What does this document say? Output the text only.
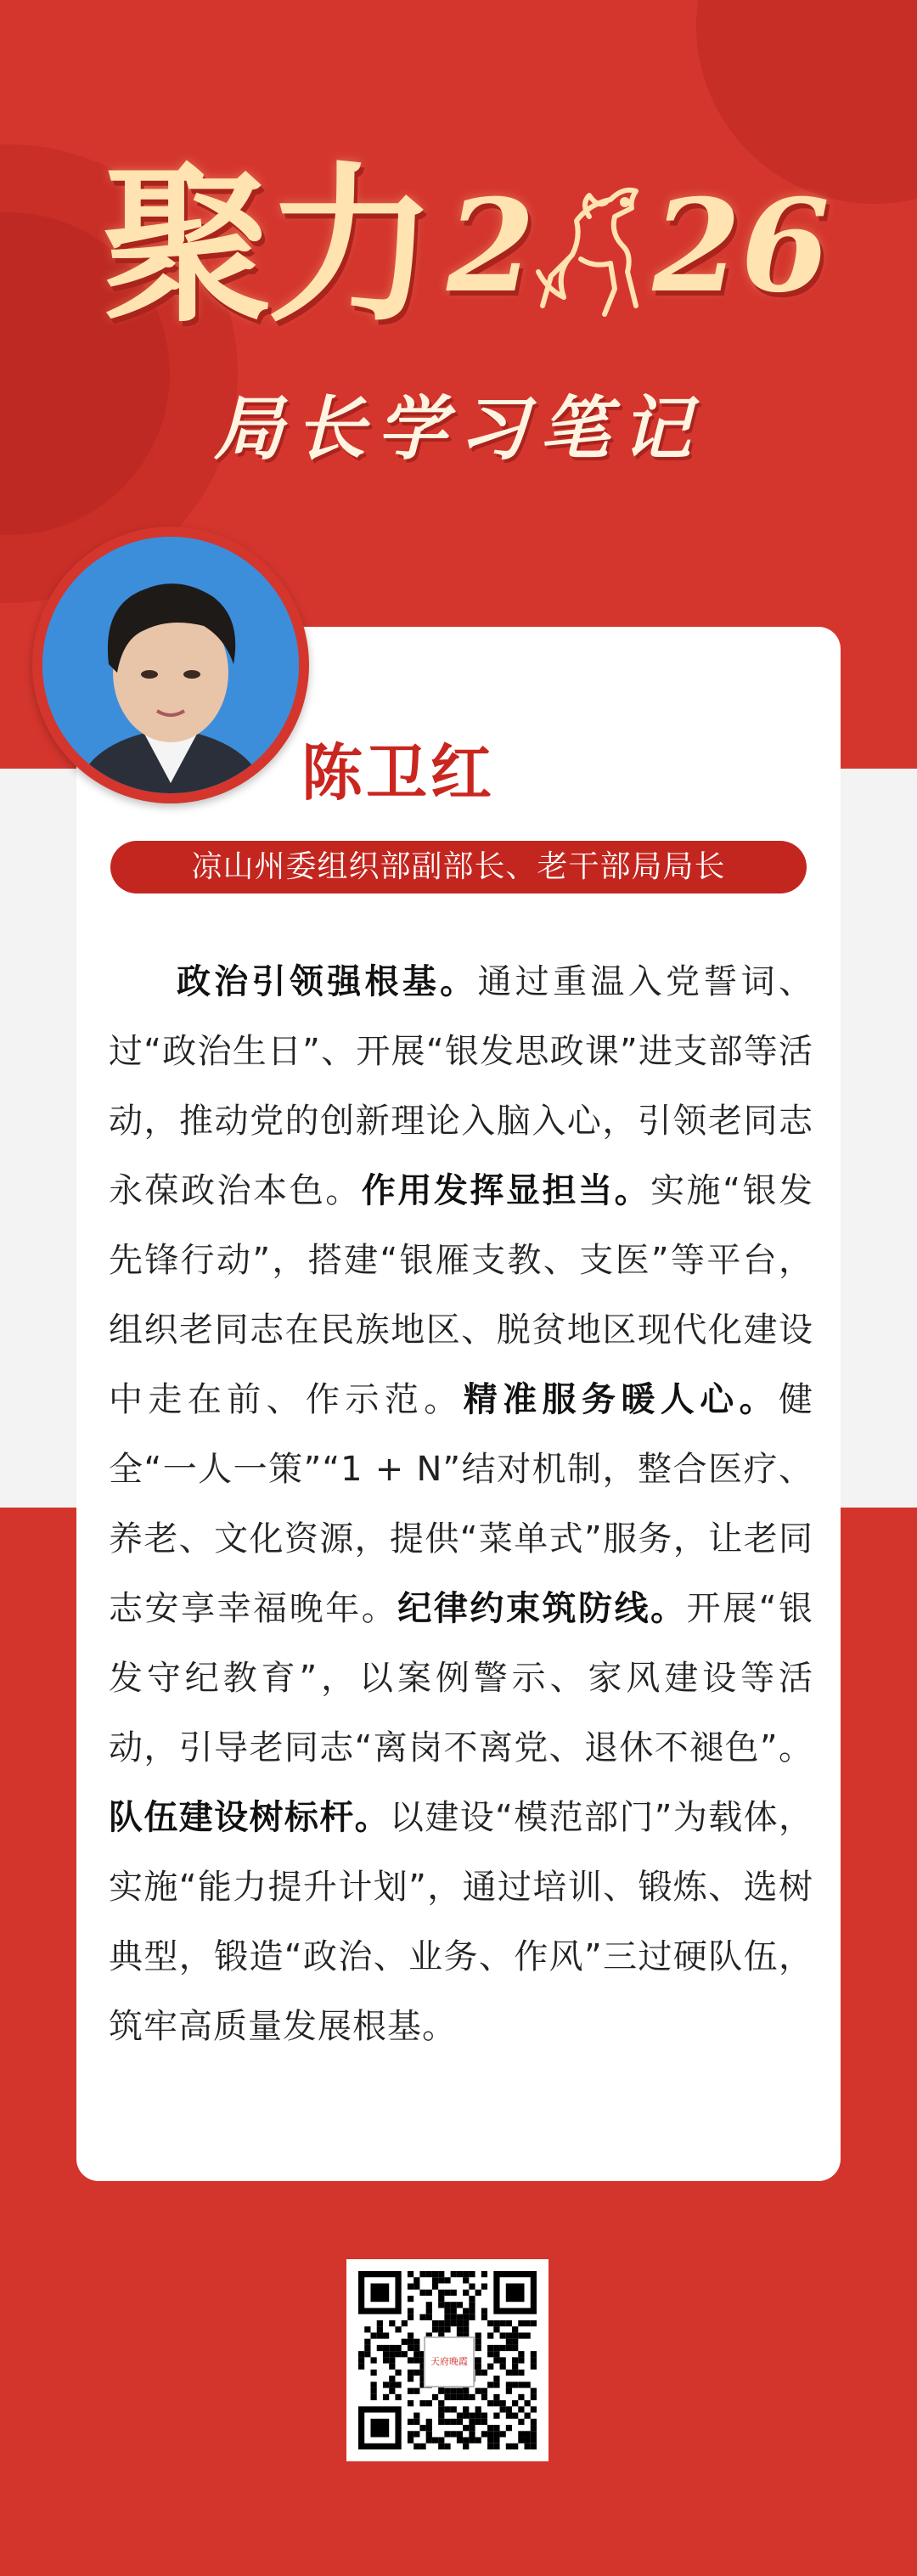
聚力 2 26
局长学习笔记
陈卫红
凉山州委组织部副部长、老干部局局长
政治引领强根基。通过重温入党誓词、过“政治生日”、开展“银发思政课”进支部等活动，推动党的创新理论入脑入心，引领老同志永葆政治本色。作用发挥显担当。实施“银发先锋行动”，搭建“银雁支教、支医”等平台，组织老同志在民族地区、脱贫地区现代化建设中走在前、作示范。精准服务暖人心。健全“一人一策”“1 + N”结对机制，整合医疗、养老、文化资源，提供“菜单式”服务，让老同志安享幸福晚年。纪律约束筑防线。开展“银发守纪教育”，以案例警示、家风建设等活动，引导老同志“离岗不离党、退休不褪色”。队伍建设树标杆。以建设“模范部门”为载体，实施“能力提升计划”，通过培训、锻炼、选树典型，锻造“政治、业务、作风”三过硬队伍，筑牢高质量发展根基。
天府晚霞
